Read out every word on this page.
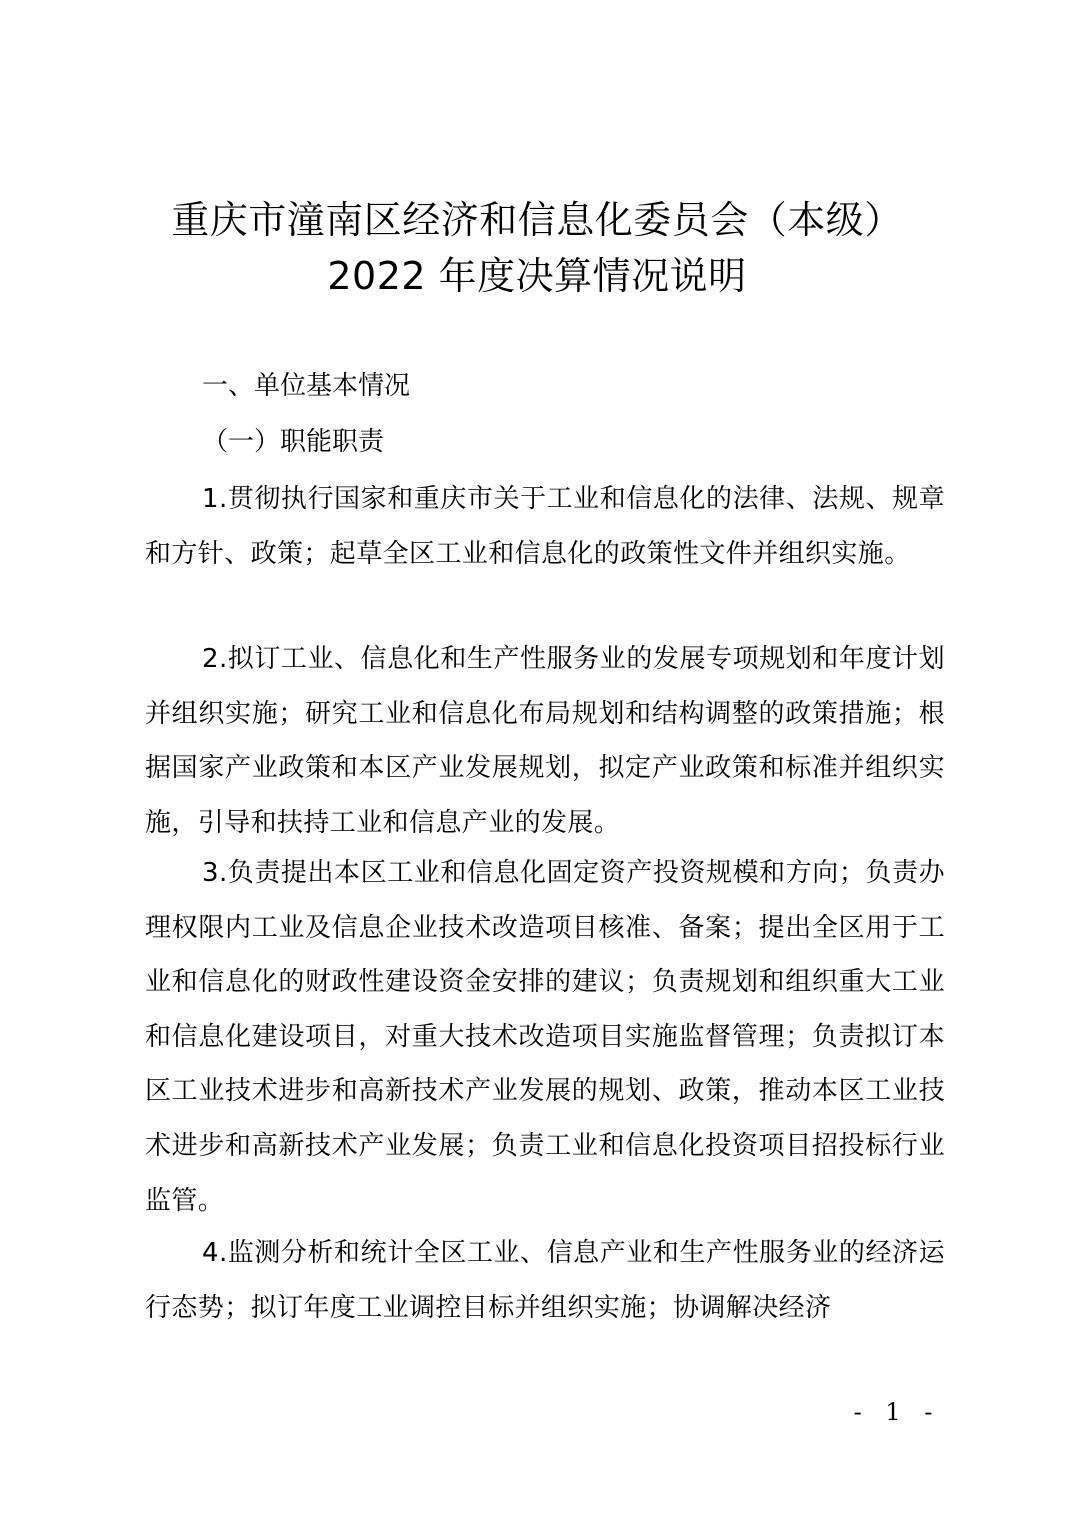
重庆市潼南区经济和信息化委员会（本级）
2022 年度决算情况说明
一、单位基本情况
（一）职能职责

1.贯彻执行国家和重庆市关于工业和信息化的法律、法规、规章和方针、政策；起草全区工业和信息化的政策性文件并组织实施。

2.拟订工业、信息化和生产性服务业的发展专项规划和年度计划并组织实施；研究工业和信息化布局规划和结构调整的政策措施；根据国家产业政策和本区产业发展规划，拟定产业政策和标准并组织实施，引导和扶持工业和信息产业的发展。

3.负责提出本区工业和信息化固定资产投资规模和方向；负责办理权限内工业及信息企业技术改造项目核准、备案；提出全区用于工业和信息化的财政性建设资金安排的建议；负责规划和组织重大工业和信息化建设项目，对重大技术改造项目实施监督管理；负责拟订本区工业技术进步和高新技术产业发展的规划、政策，推动本区工业技术进步和高新技术产业发展；负责工业和信息化投资项目招投标行业监管。

4.监测分析和统计全区工业、信息产业和生产性服务业的经济运行态势；拟订年度工业调控目标并组织实施；协调解决经济

- 1 -
